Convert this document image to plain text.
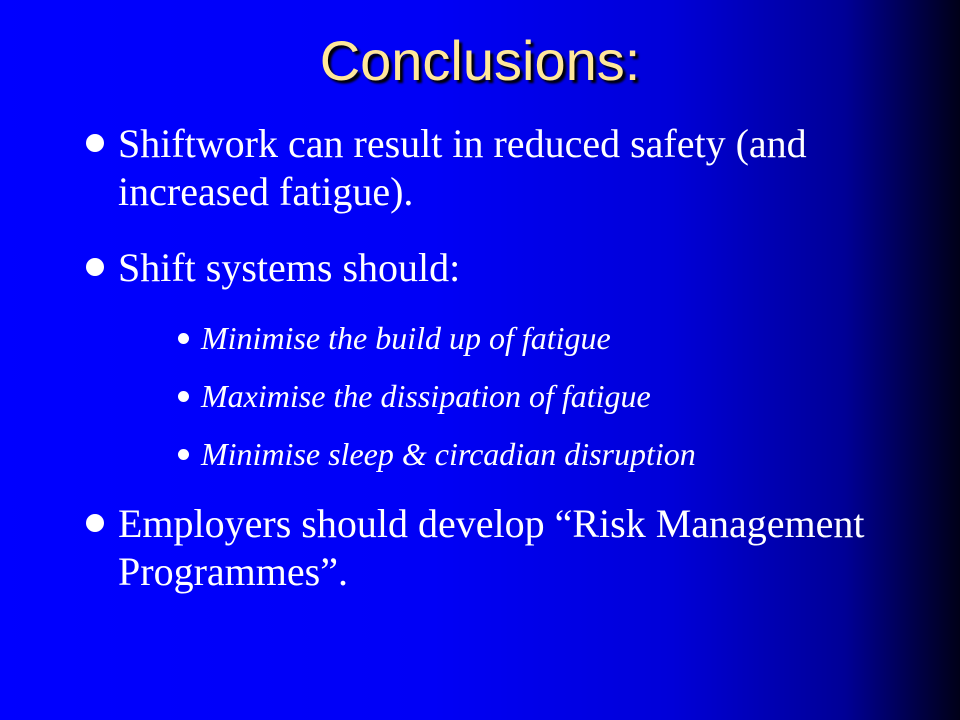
Conclusions:
Shiftwork can result in reduced safety (and increased fatigue).
Shift systems should:
Minimise the build up of fatigue
Maximise the dissipation of fatigue
Minimise sleep & circadian disruption
Employers should develop “Risk Management Programmes”.
